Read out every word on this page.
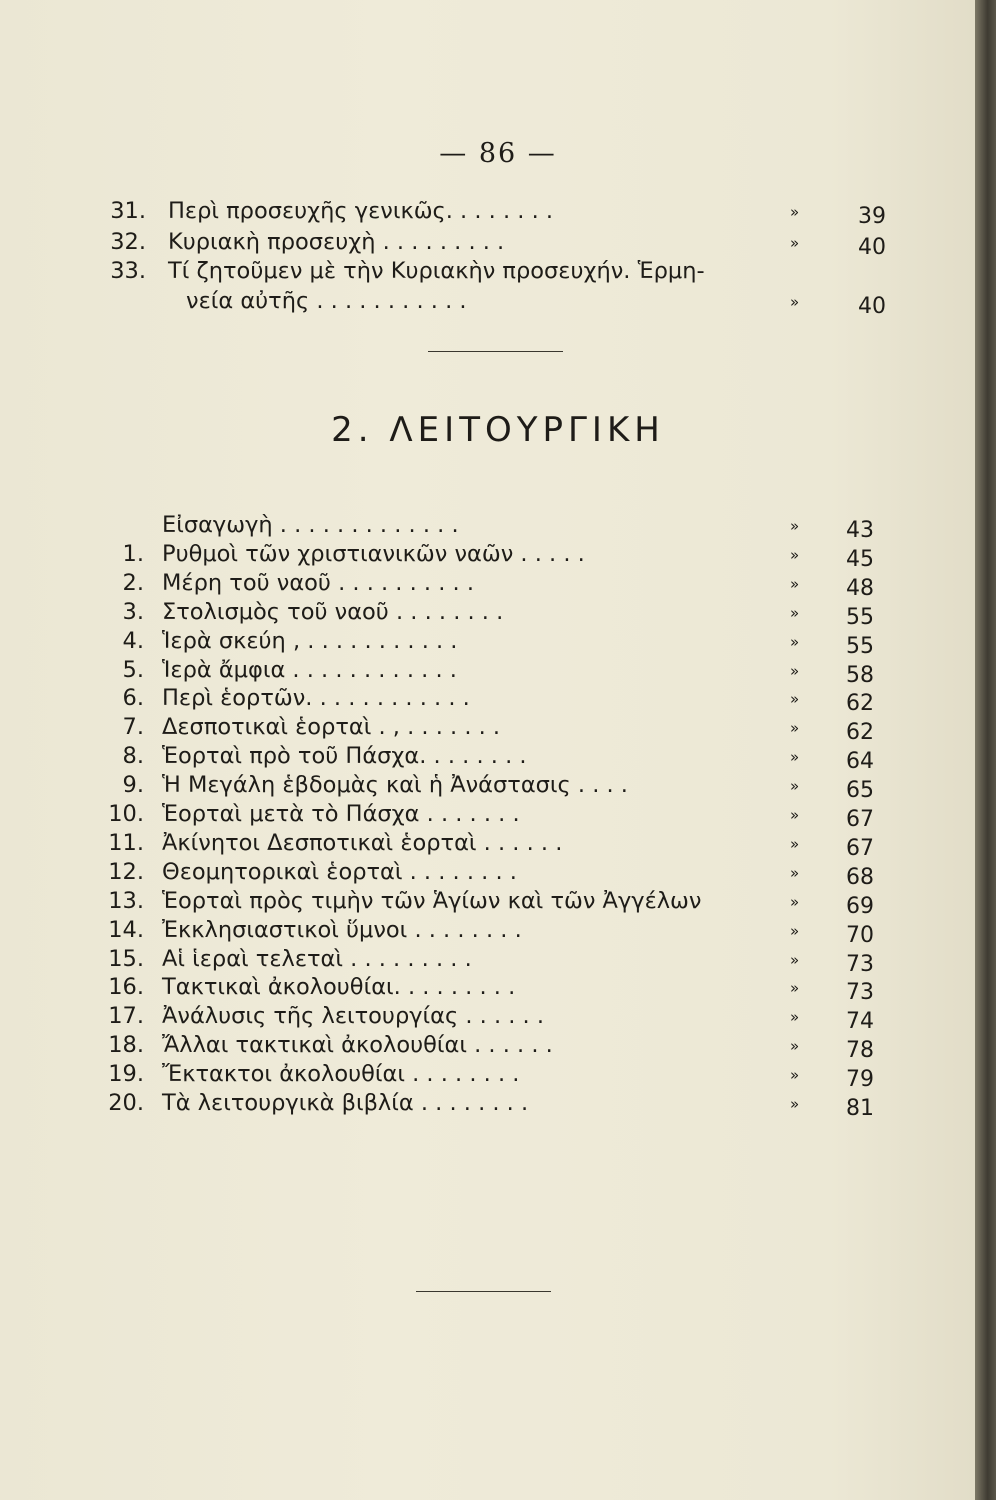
— 86 —
31. Περὶ προσευχῆς γενικῶς. . . . . . . .	»	39
32. Κυριακὴ προσευχὴ . . . . . . . . .	»	40
33. Τί ζητοῦμεν μὲ τὴν Κυριακὴν προσευχήν. Ἑρμη-
νεία αὐτῆς . . . . . . . . . . .	»	40
2. ΛΕΙΤΟΥΡΓΙΚΗ
Εἰσαγωγὴ . . . . . . . . . . . . .	» 43
1. Ρυθμοὶ τῶν χριστιανικῶν ναῶν . . . . .	» 45
2. Μέρη τοῦ ναοῦ . . . . . . . . . .	» 48
3. Στολισμὸς τοῦ ναοῦ . . . . . . . .	» 55
4. Ἱερὰ σκεύη , . . . . . . . . . . .	» 55
5. Ἱερὰ ἄμφια . . . . . . . . . . . .	» 58
6. Περὶ ἑορτῶν. . . . . . . . . . . .	» 62
7. Δεσποτικαὶ ἑορταὶ . , . . . . . . .	» 62
8. Ἑορταὶ πρὸ τοῦ Πάσχα. . . . . . . .	» 64
9. Ἡ Μεγάλη ἑβδομὰς καὶ ἡ Ἀνάστασις . . . .	» 65
10. Ἑορταὶ μετὰ τὸ Πάσχα . . . . . . .	» 67
11. Ἀκίνητοι Δεσποτικαὶ ἑορταὶ . . . . . .	» 67
12. Θεομητορικαὶ ἑορταὶ . . . . . . . .	» 68
13. Ἑορταὶ πρὸς τιμὴν τῶν Ἁγίων καὶ τῶν Ἀγγέλων	» 69
14. Ἐκκλησιαστικοὶ ὕμνοι . . . . . . . .	» 70
15. Αἱ ἱεραὶ τελεταὶ . . . . . . . . .	» 73
16. Τακτικαὶ ἀκολουθίαι. . . . . . . . .	» 73
17. Ἀνάλυσις τῆς λειτουργίας . . . . . .	» 74
18. Ἄλλαι τακτικαὶ ἀκολουθίαι . . . . . .	» 78
19. Ἔκτακτοι ἀκολουθίαι . . . . . . . .	» 79
20. Τὰ λειτουργικὰ βιβλία . . . . . . . .	» 81
